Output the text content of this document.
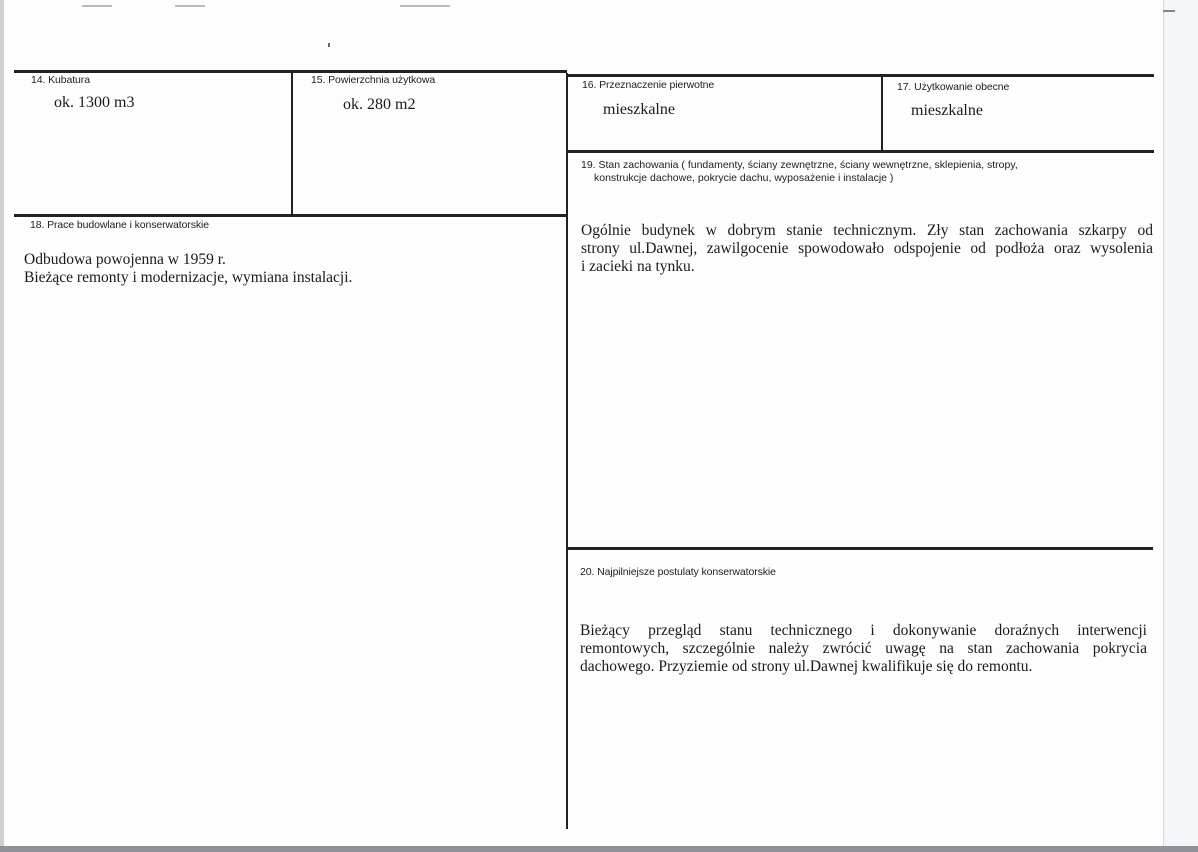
14. Kubatura
ok. 1300 m3
15. Powierzchnia użytkowa
ok. 280 m2
16. Przeznaczenie pierwotne
mieszkalne
17. Użytkowanie obecne
mieszkalne
19. Stan zachowania ( fundamenty, ściany zewnętrzne, ściany wewnętrzne, sklepienia, stropy,
konstrukcje dachowe, pokrycie dachu, wyposażenie i instalacje )
Ogólnie budynek w dobrym stanie technicznym. Zły stan zachowania szkarpy od
strony ul.Dawnej, zawilgocenie spowodowało odspojenie od podłoża oraz wysolenia
i zacieki na tynku.
18. Prace budowlane i konserwatorskie
Odbudowa powojenna w 1959 r.
Bieżące remonty i modernizacje, wymiana instalacji.
20. Najpilniejsze postulaty konserwatorskie
Bieżący przegląd stanu technicznego i dokonywanie doraźnych interwencji
remontowych, szczególnie należy zwrócić uwagę na stan zachowania pokrycia
dachowego. Przyziemie od strony ul.Dawnej kwalifikuje się do remontu.
